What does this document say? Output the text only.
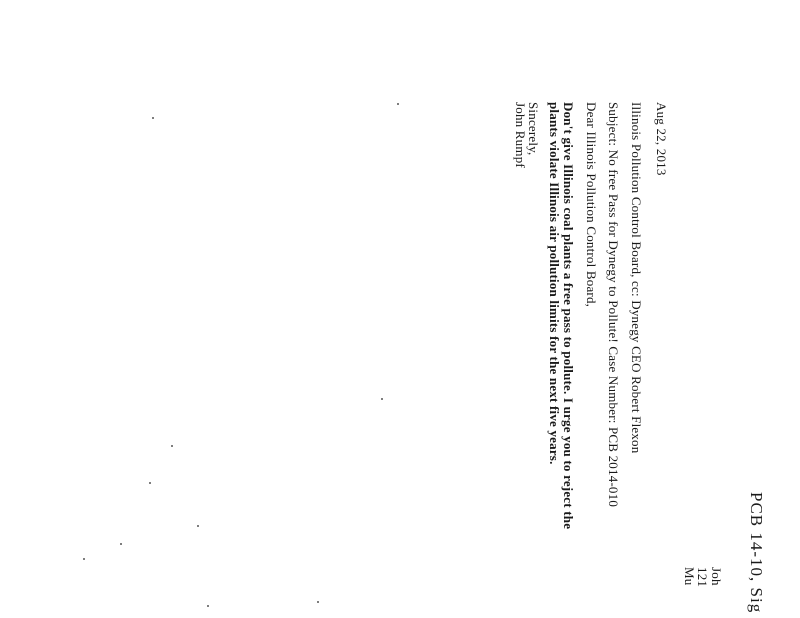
PCB 14-10, Sig
Joh
121
Mu
Aug 22, 2013
Illinois Pollution Control Board, cc: Dynegy CEO Robert Flexon
Subject: No free Pass for Dynegy to Pollute! Case Number: PCB 2014-010
Dear Illinois Pollution Control Board,
Don't give Illinois coal plants a free pass to pollute. I urge you to reject the
plants violate Illinois air pollution limits for the next five years.
Sincerely,
John Rumpf
